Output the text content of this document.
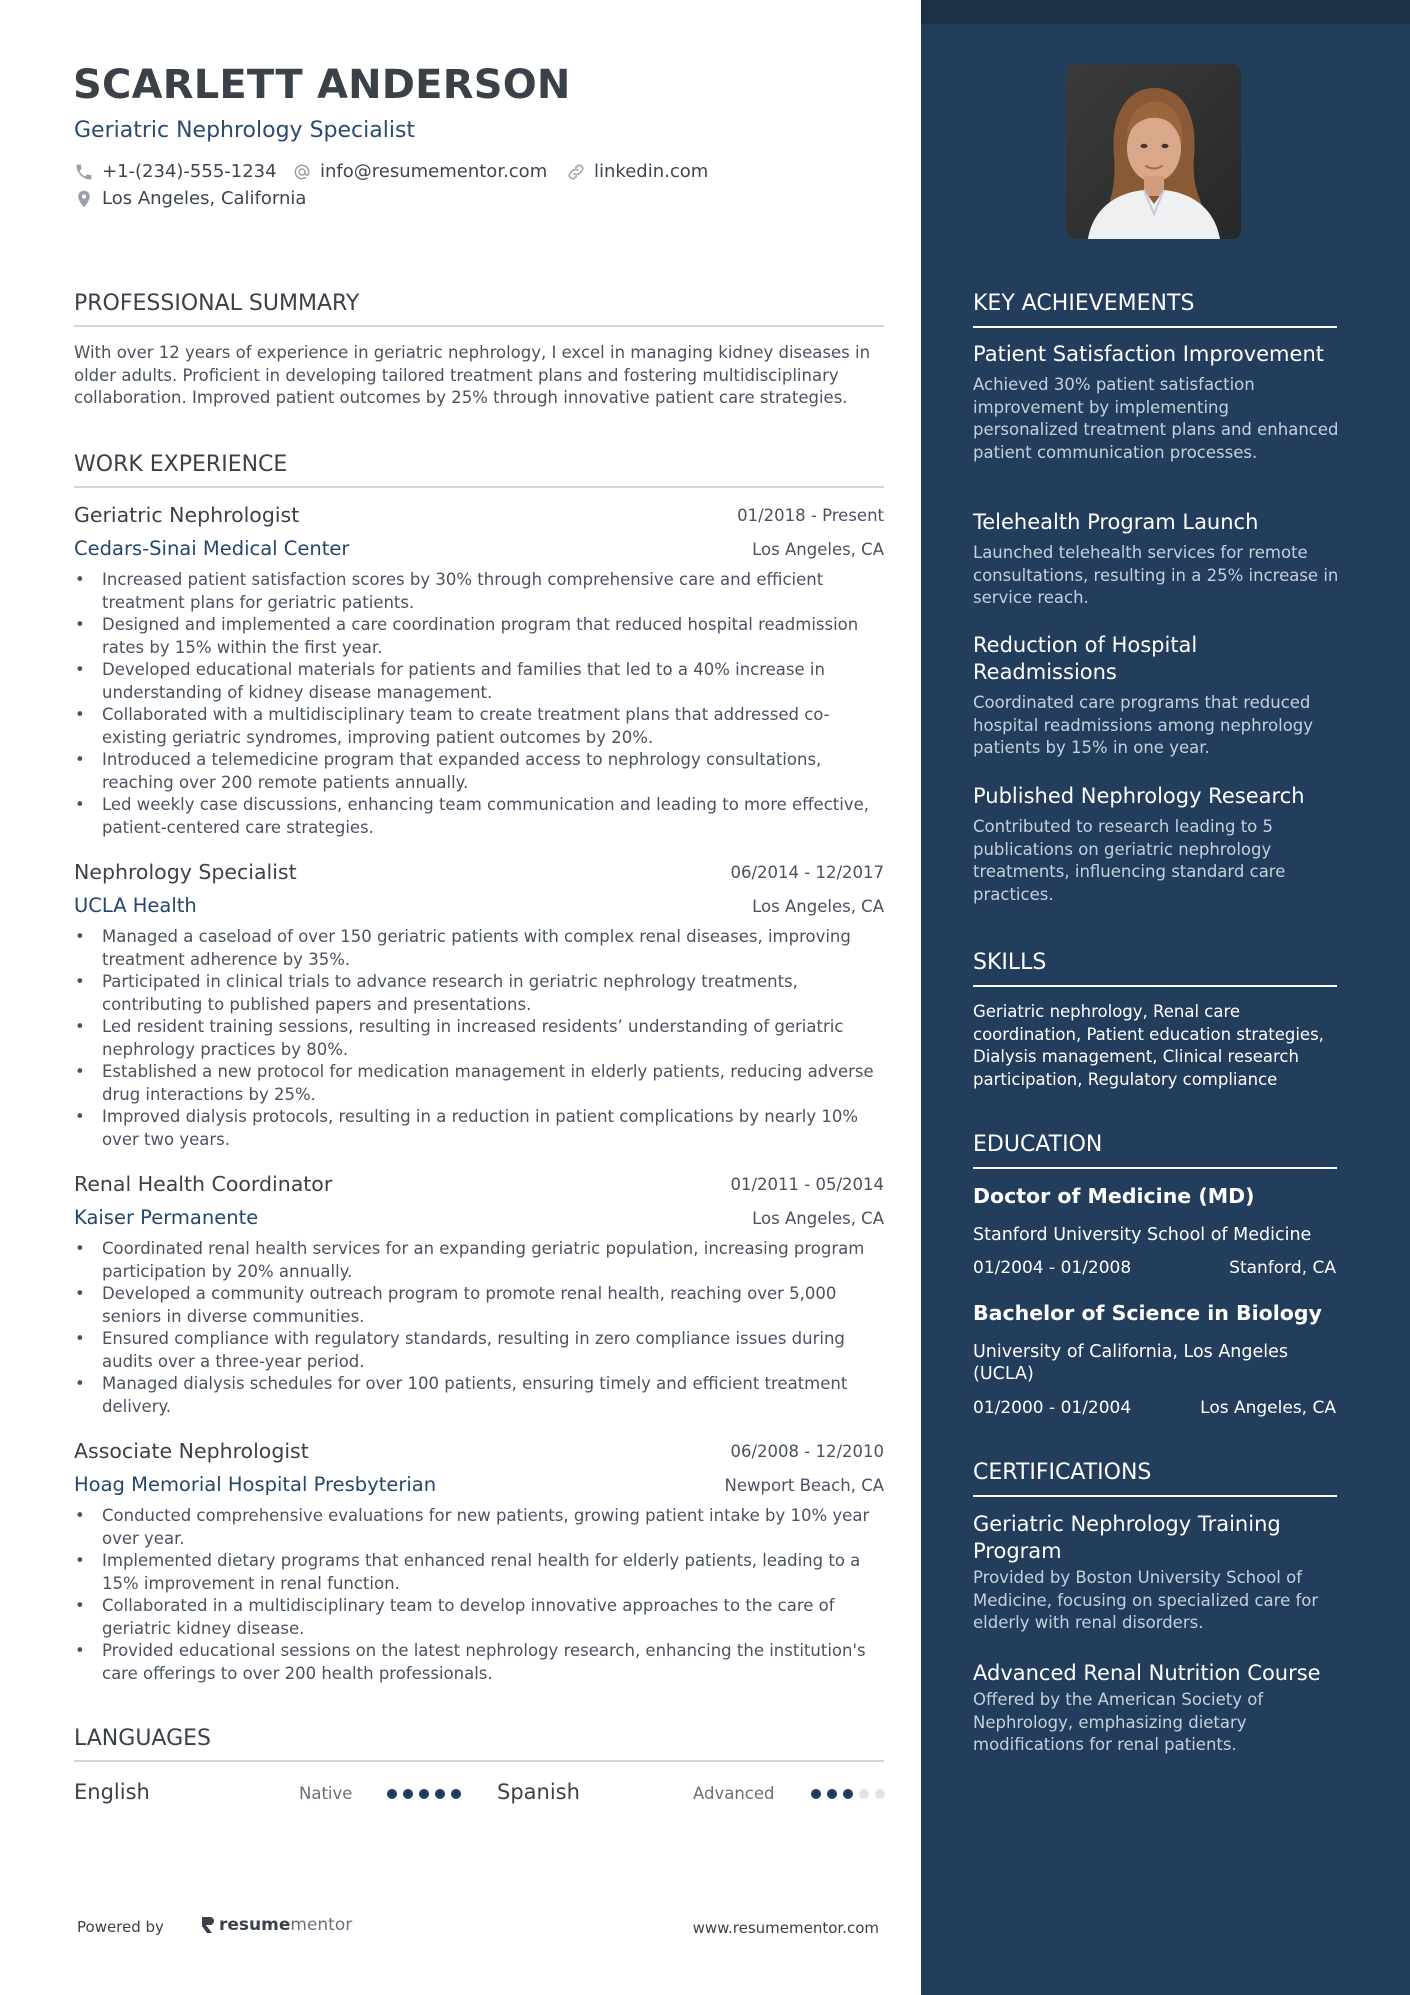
SCARLETT ANDERSON
Geriatric Nephrology Specialist
+1-(234)-555-1234 info@resumementor.com	linkedin.com
Los Angeles, California
PROFESSIONAL SUMMARY

With over 12 years of experience in geriatric nephrology, I excel in managing kidney diseases in older adults. Proficient in developing tailored treatment plans and fostering multidisciplinary collaboration. Improved patient outcomes by 25% through innovative patient care strategies.

WORK EXPERIENCE
Geriatric Nephrologist	01/2018 - Present
Cedars-Sinai Medical Center	Los Angeles, CA
• Increased patient satisfaction scores by 30% through comprehensive care and efficient treatment plans for geriatric patients.
• Designed and implemented a care coordination program that reduced hospital readmission rates by 15% within the first year.
• Developed educational materials for patients and families that led to a 40% increase in understanding of kidney disease management.
• Collaborated with a multidisciplinary team to create treatment plans that addressed co-existing geriatric syndromes, improving patient outcomes by 20%.
• Introduced a telemedicine program that expanded access to nephrology consultations, reaching over 200 remote patients annually.
• Led weekly case discussions, enhancing team communication and leading to more effective, patient-centered care strategies.
Nephrology Specialist	06/2014 - 12/2017
UCLA Health	Los Angeles, CA
• Managed a caseload of over 150 geriatric patients with complex renal diseases, improving treatment adherence by 35%.
• Participated in clinical trials to advance research in geriatric nephrology treatments, contributing to published papers and presentations.
• Led resident training sessions, resulting in increased residents’ understanding of geriatric nephrology practices by 80%.
• Established a new protocol for medication management in elderly patients, reducing adverse drug interactions by 25%.
• Improved dialysis protocols, resulting in a reduction in patient complications by nearly 10% over two years.
Renal Health Coordinator	01/2011 - 05/2014
Kaiser Permanente	Los Angeles, CA
• Coordinated renal health services for an expanding geriatric population, increasing program participation by 20% annually.
• Developed a community outreach program to promote renal health, reaching over 5,000 seniors in diverse communities.
• Ensured compliance with regulatory standards, resulting in zero compliance issues during audits over a three-year period.
• Managed dialysis schedules for over 100 patients, ensuring timely and efficient treatment delivery.
Associate Nephrologist	06/2008 - 12/2010
Hoag Memorial Hospital Presbyterian	Newport Beach, CA
• Conducted comprehensive evaluations for new patients, growing patient intake by 10% year over year.
• Implemented dietary programs that enhanced renal health for elderly patients, leading to a 15% improvement in renal function.
• Collaborated in a multidisciplinary team to develop innovative approaches to the care of geriatric kidney disease.
• Provided educational sessions on the latest nephrology research, enhancing the institution's care offerings to over 200 health professionals.
LANGUAGES
English	Native	Spanish	Advanced
Powered by	resume mentor	www.resumementor.com
KEY ACHIEVEMENTS
Patient Satisfaction Improvement

Achieved 30% patient satisfaction improvement by implementing personalized treatment plans and enhanced patient communication processes.

Telehealth Program Launch

Launched telehealth services for remote consultations, resulting in a 25% increase in service reach.

Reduction of Hospital Readmissions

Coordinated care programs that reduced hospital readmissions among nephrology patients by 15% in one year.

Published Nephrology Research

Contributed to research leading to 5 publications on geriatric nephrology treatments, influencing standard care practices.

SKILLS

Geriatric nephrology, Renal care coordination, Patient education strategies, Dialysis management, Clinical research participation, Regulatory compliance

EDUCATION
Doctor of Medicine (MD)
Stanford University School of Medicine
01/2004 - 01/2008	Stanford, CA
Bachelor of Science in Biology
University of California, Los Angeles (UCLA)
01/2000 - 01/2004	Los Angeles, CA
CERTIFICATIONS
Geriatric Nephrology Training Program

Provided by Boston University School of Medicine, focusing on specialized care for elderly with renal disorders.

Advanced Renal Nutrition Course

Offered by the American Society of Nephrology, emphasizing dietary modifications for renal patients.
